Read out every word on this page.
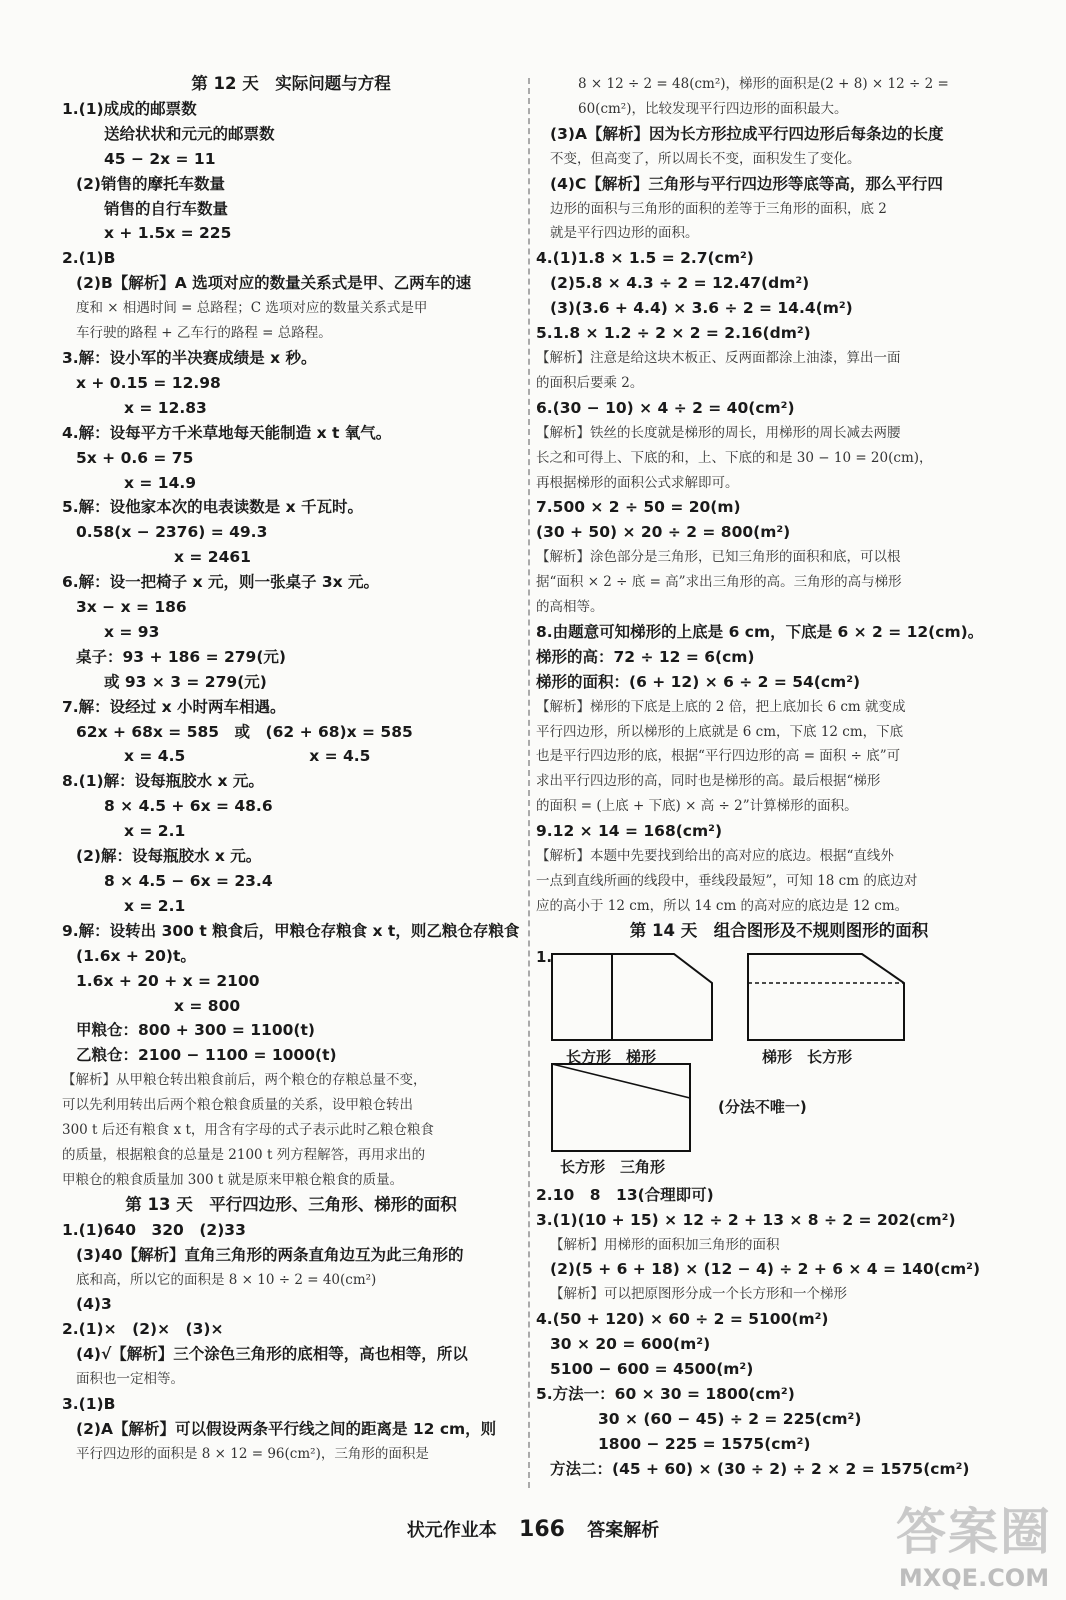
第 12 天　实际问题与方程
1.(1)成成的邮票数
送给状状和元元的邮票数
45 − 2x = 11
(2)销售的摩托车数量
销售的自行车数量
x + 1.5x = 225
2.(1)B
(2)B【解析】A 选项对应的数量关系式是甲、乙两车的速
度和 × 相遇时间 = 总路程；C 选项对应的数量关系式是甲
车行驶的路程 + 乙车行的路程 = 总路程。
3.解：设小军的半决赛成绩是 x 秒。
x + 0.15 = 12.98
x = 12.83
4.解：设每平方千米草地每天能制造 x t 氧气。
5x + 0.6 = 75
x = 14.9
5.解：设他家本次的电表读数是 x 千瓦时。
0.58(x − 2376) = 49.3
x = 2461
6.解：设一把椅子 x 元，则一张桌子 3x 元。
3x − x = 186
x = 93
桌子：93 + 186 = 279(元)
或 93 × 3 = 279(元)
7.解：设经过 x 小时两车相遇。
62x + 68x = 585　或　(62 + 68)x = 585
x = 4.5　　　　　　　　x = 4.5
8.(1)解：设每瓶胶水 x 元。
8 × 4.5 + 6x = 48.6
x = 2.1
(2)解：设每瓶胶水 x 元。
8 × 4.5 − 6x = 23.4
x = 2.1
9.解：设转出 300 t 粮食后，甲粮仓存粮食 x t，则乙粮仓存粮食
(1.6x + 20)t。
1.6x + 20 + x = 2100
x = 800
甲粮仓：800 + 300 = 1100(t)
乙粮仓：2100 − 1100 = 1000(t)
【解析】从甲粮仓转出粮食前后，两个粮仓的存粮总量不变，
可以先利用转出后两个粮仓粮食质量的关系，设甲粮仓转出
300 t 后还有粮食 x t，用含有字母的式子表示此时乙粮仓粮食
的质量，根据粮食的总量是 2100 t 列方程解答，再用求出的
甲粮仓的粮食质量加 300 t 就是原来甲粮仓粮食的质量。
第 13 天　平行四边形、三角形、梯形的面积
1.(1)640　320　(2)33
(3)40【解析】直角三角形的两条直角边互为此三角形的
底和高，所以它的面积是 8 × 10 ÷ 2 = 40(cm²)
(4)3
2.(1)×　(2)×　(3)×
(4)√【解析】三个涂色三角形的底相等，高也相等，所以
面积也一定相等。
3.(1)B
(2)A【解析】可以假设两条平行线之间的距离是 12 cm，则
平行四边形的面积是 8 × 12 = 96(cm²)，三角形的面积是
8 × 12 ÷ 2 = 48(cm²)，梯形的面积是(2 + 8) × 12 ÷ 2 =
60(cm²)，比较发现平行四边形的面积最大。
(3)A【解析】因为长方形拉成平行四边形后每条边的长度
不变，但高变了，所以周长不变，面积发生了变化。
(4)C【解析】三角形与平行四边形等底等高，那么平行四
边形的面积与三角形的面积的差等于三角形的面积，底 2
就是平行四边形的面积。
4.(1)1.8 × 1.5 = 2.7(cm²)
(2)5.8 × 4.3 ÷ 2 = 12.47(dm²)
(3)(3.6 + 4.4) × 3.6 ÷ 2 = 14.4(m²)
5.1.8 × 1.2 ÷ 2 × 2 = 2.16(dm²)
【解析】注意是给这块木板正、反两面都涂上油漆，算出一面
的面积后要乘 2。
6.(30 − 10) × 4 ÷ 2 = 40(cm²)
【解析】铁丝的长度就是梯形的周长，用梯形的周长减去两腰
长之和可得上、下底的和，上、下底的和是 30 − 10 = 20(cm)，
再根据梯形的面积公式求解即可。
7.500 × 2 ÷ 50 = 20(m)
(30 + 50) × 20 ÷ 2 = 800(m²)
【解析】涂色部分是三角形，已知三角形的面积和底，可以根
据“面积 × 2 ÷ 底 = 高”求出三角形的高。三角形的高与梯形
的高相等。
8.由题意可知梯形的上底是 6 cm，下底是 6 × 2 = 12(cm)。
梯形的高：72 ÷ 12 = 6(cm)
梯形的面积：(6 + 12) × 6 ÷ 2 = 54(cm²)
【解析】梯形的下底是上底的 2 倍，把上底加长 6 cm 就变成
平行四边形，所以梯形的上底就是 6 cm，下底 12 cm，下底
也是平行四边形的底，根据“平行四边形的高 = 面积 ÷ 底”可
求出平行四边形的高，同时也是梯形的高。最后根据“梯形
的面积 = (上底 + 下底) × 高 ÷ 2”计算梯形的面积。
9.12 × 14 = 168(cm²)
【解析】本题中先要找到给出的高对应的底边。根据“直线外
一点到直线所画的线段中，垂线段最短”，可知 18 cm 的底边对
应的高小于 12 cm，所以 14 cm 的高对应的底边是 12 cm。
第 14 天　组合图形及不规则图形的面积
1.
长方形　梯形	梯形　长方形
长方形　三角形
(分法不唯一)
2.10　8　13(合理即可)
3.(1)(10 + 15) × 12 ÷ 2 + 13 × 8 ÷ 2 = 202(cm²)
【解析】用梯形的面积加三角形的面积
(2)(5 + 6 + 18) × (12 − 4) ÷ 2 + 6 × 4 = 140(cm²)
【解析】可以把原图形分成一个长方形和一个梯形
4.(50 + 120) × 60 ÷ 2 = 5100(m²)
30 × 20 = 600(m²)
5100 − 600 = 4500(m²)
5.方法一：60 × 30 = 1800(cm²)
30 × (60 − 45) ÷ 2 = 225(cm²)
1800 − 225 = 1575(cm²)
方法二：(45 + 60) × (30 ÷ 2) ÷ 2 × 2 = 1575(cm²)
状元作业本 166 答案解析	答案圈
MXQE.COM
